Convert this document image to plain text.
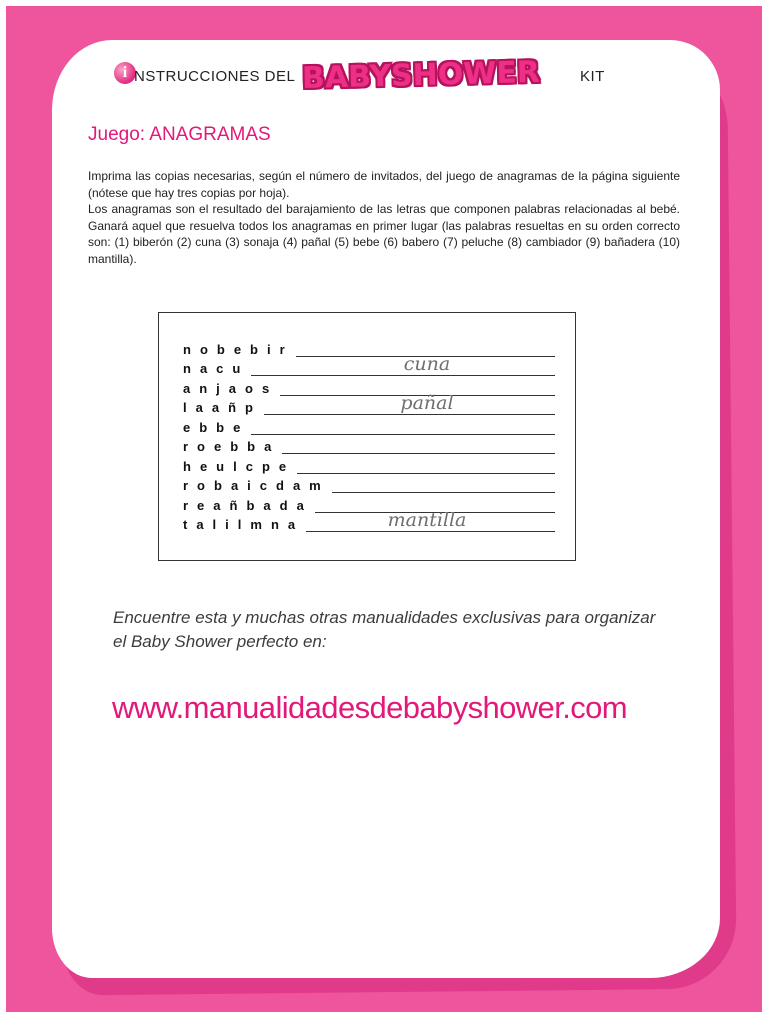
i NSTRUCCIONES DEL BABYSHOWER	KIT
Juego: ANAGRAMAS

Imprima las copias necesarias, según el número de invitados, del juego de anagramas de la página siguiente (nótese que hay tres copias por hoja).

Los anagramas son el resultado del barajamiento de las letras que componen palabras relacionadas al bebé. Ganará aquel que resuelva todos los anagramas en primer lugar (las palabras resueltas en su orden correcto son: (1) biberón (2) cuna (3) sonaja (4) pañal (5) bebe (6) babero (7) peluche (8) cambiador (9) bañadera (10) mantilla).

nobebir
nacu	cuna
anjaos
laañp	pañal
ebbe
roebba
heulcpe
robaicdam
reañbada
talilmna	mantilla
Encuentre esta y muchas otras manualidades exclusivas para organizar el Baby Shower perfecto en:
www.manualidadesdebabyshower.com
